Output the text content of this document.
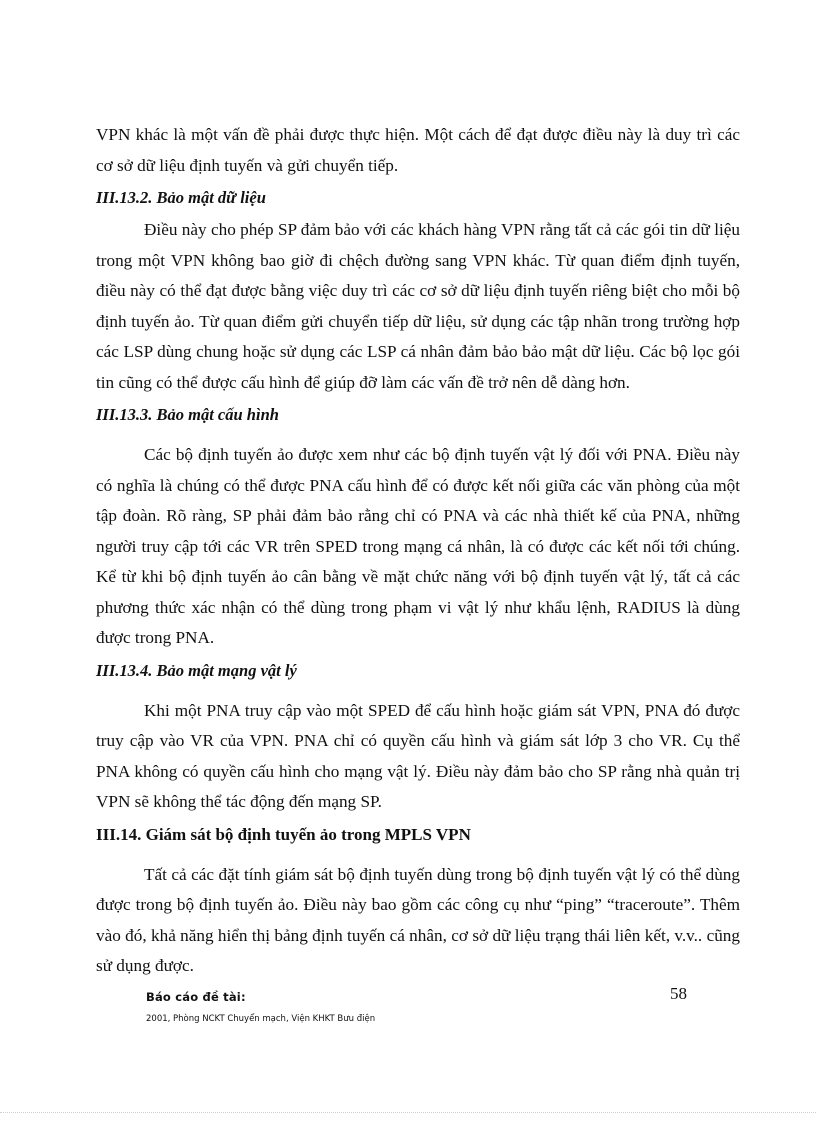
VPN khác là một vấn đề phải được thực hiện. Một cách để đạt được điều này là duy trì các cơ sở dữ liệu định tuyến và gửi chuyển tiếp.

III.13.2. Bảo mật dữ liệu

Điều này cho phép SP đảm bảo với các khách hàng VPN rằng tất cả các gói tin dữ liệu trong một VPN không bao giờ đi chệch đường sang VPN khác. Từ quan điểm định tuyến, điều này có thể đạt được bằng việc duy trì các cơ sở dữ liệu định tuyến riêng biệt cho mỗi bộ định tuyến ảo. Từ quan điểm gửi chuyển tiếp dữ liệu, sử dụng các tập nhãn trong trường hợp các LSP dùng chung hoặc sử dụng các LSP cá nhân đảm bảo bảo mật dữ liệu. Các bộ lọc gói tin cũng có thể được cấu hình để giúp đỡ làm các vấn đề trở nên dễ dàng hơn.

III.13.3. Bảo mật cấu hình

Các bộ định tuyến ảo được xem như các bộ định tuyến vật lý đối với PNA. Điều này có nghĩa là chúng có thể được PNA cấu hình để có được kết nối giữa các văn phòng của một tập đoàn. Rõ ràng, SP phải đảm bảo rằng chỉ có PNA và các nhà thiết kế của PNA, những người truy cập tới các VR trên SPED trong mạng cá nhân, là có được các kết nối tới chúng. Kể từ khi bộ định tuyến ảo cân bằng về mặt chức năng với bộ định tuyến vật lý, tất cả các phương thức xác nhận có thể dùng trong phạm vi vật lý như khẩu lệnh, RADIUS là dùng được trong PNA.

III.13.4. Bảo mật mạng vật lý

Khi một PNA truy cập vào một SPED để cấu hình hoặc giám sát VPN, PNA đó được truy cập vào VR của VPN. PNA chỉ có quyền cấu hình và giám sát lớp 3 cho VR. Cụ thể PNA không có quyền cấu hình cho mạng vật lý. Điều này đảm bảo cho SP rằng nhà quản trị VPN sẽ không thể tác động đến mạng SP.

III.14. Giám sát bộ định tuyến ảo trong MPLS VPN

Tất cả các đặt tính giám sát bộ định tuyến dùng trong bộ định tuyến vật lý có thể dùng được trong bộ định tuyến ảo. Điều này bao gồm các công cụ như “ping” “traceroute”. Thêm vào đó, khả năng hiển thị bảng định tuyến cá nhân, cơ sở dữ liệu trạng thái liên kết, v.v.. cũng sử dụng được.

Báo cáo đề tài:
2001, Phòng NCKT Chuyển mạch, Viện KHKT Bưu điện
58
